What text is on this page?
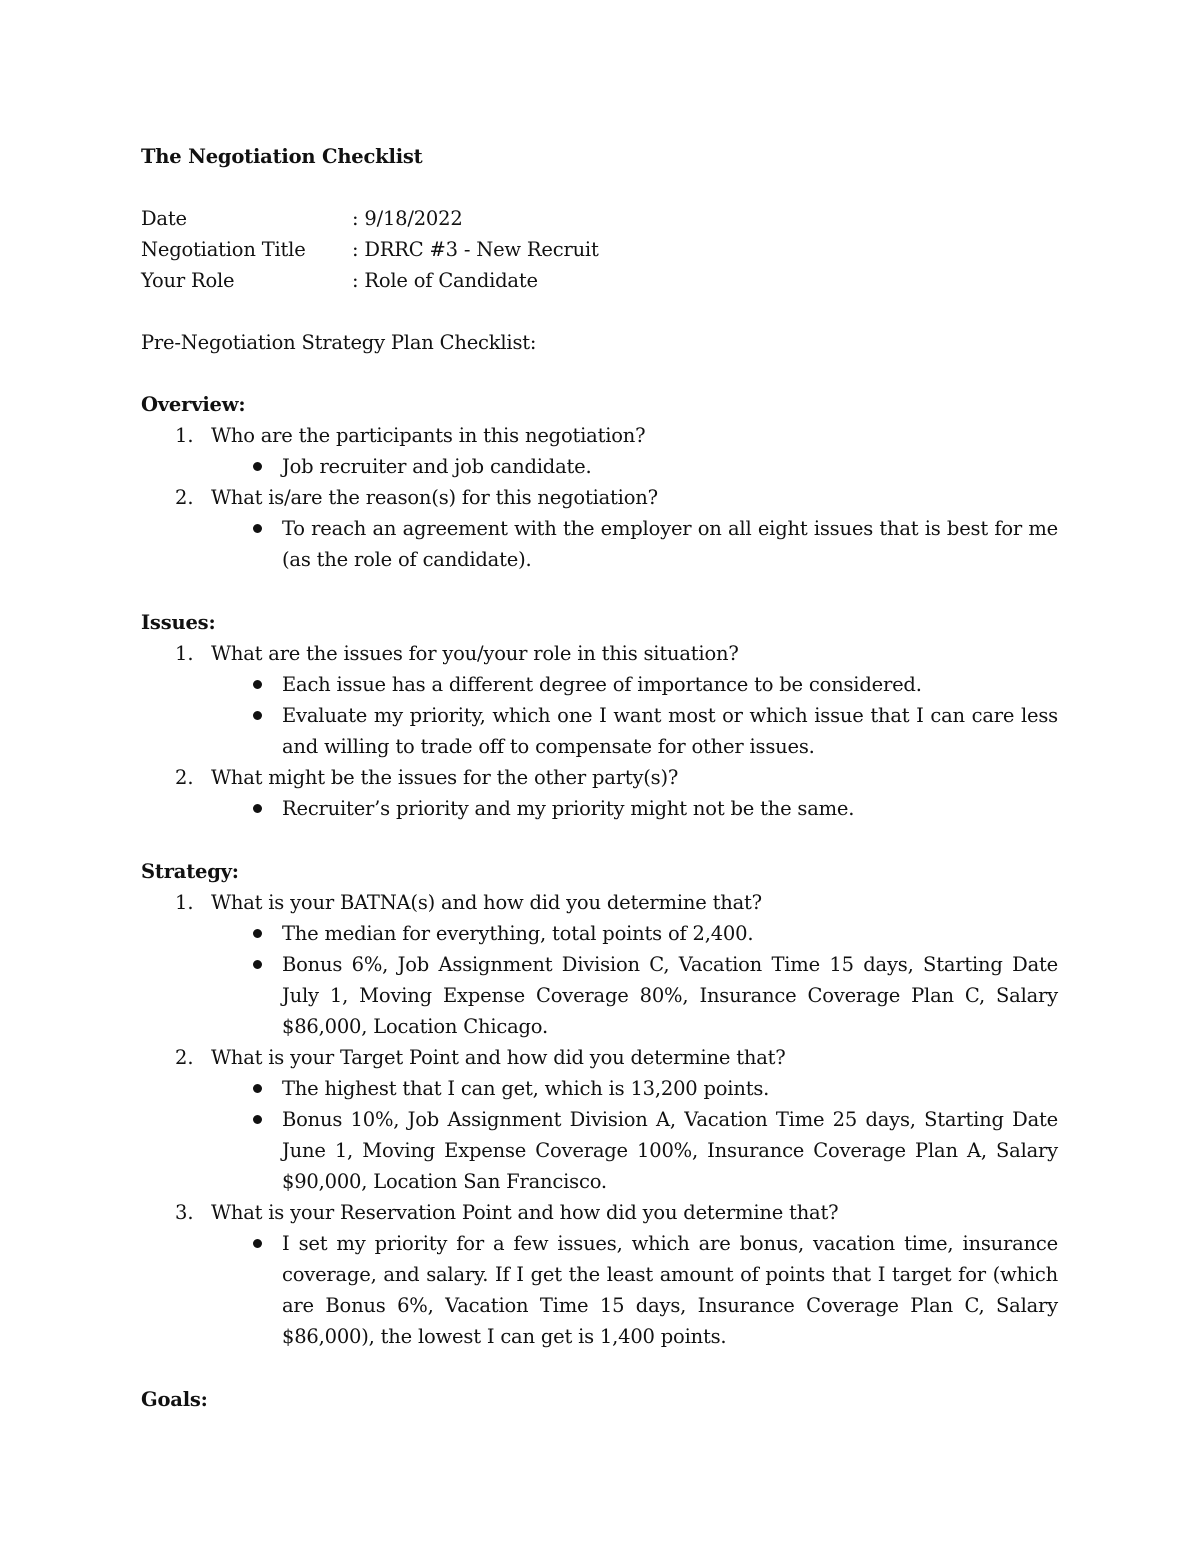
The Negotiation Checklist
Date	: 9/18/2022
Negotiation Title : DRRC #3 - New Recruit
Your Role	: Role of Candidate
Pre-Negotiation Strategy Plan Checklist:
Overview:
1. Who are the participants in this negotiation?
Job recruiter and job candidate.
2. What is/are the reason(s) for this negotiation?
To reach an agreement with the employer on all eight issues that is best for me (as the role of candidate).
Issues:
1. What are the issues for you/your role in this situation?
Each issue has a different degree of importance to be considered.
Evaluate my priority, which one I want most or which issue that I can care less and willing to trade off to compensate for other issues.
2. What might be the issues for the other party(s)?
Recruiter’s priority and my priority might not be the same.
Strategy:
1. What is your BATNA(s) and how did you determine that?
The median for everything, total points of 2,400.
Bonus 6%, Job Assignment Division C, Vacation Time 15 days, Starting Date July 1, Moving Expense Coverage 80%, Insurance Coverage Plan C, Salary $86,000, Location Chicago.
2. What is your Target Point and how did you determine that?
The highest that I can get, which is 13,200 points.
Bonus 10%, Job Assignment Division A, Vacation Time 25 days, Starting Date June 1, Moving Expense Coverage 100%, Insurance Coverage Plan A, Salary $90,000, Location San Francisco.
3. What is your Reservation Point and how did you determine that?
I set my priority for a few issues, which are bonus, vacation time, insurance coverage, and salary. If I get the least amount of points that I target for (which are Bonus 6%, Vacation Time 15 days, Insurance Coverage Plan C, Salary $86,000), the lowest I can get is 1,400 points.
Goals:
